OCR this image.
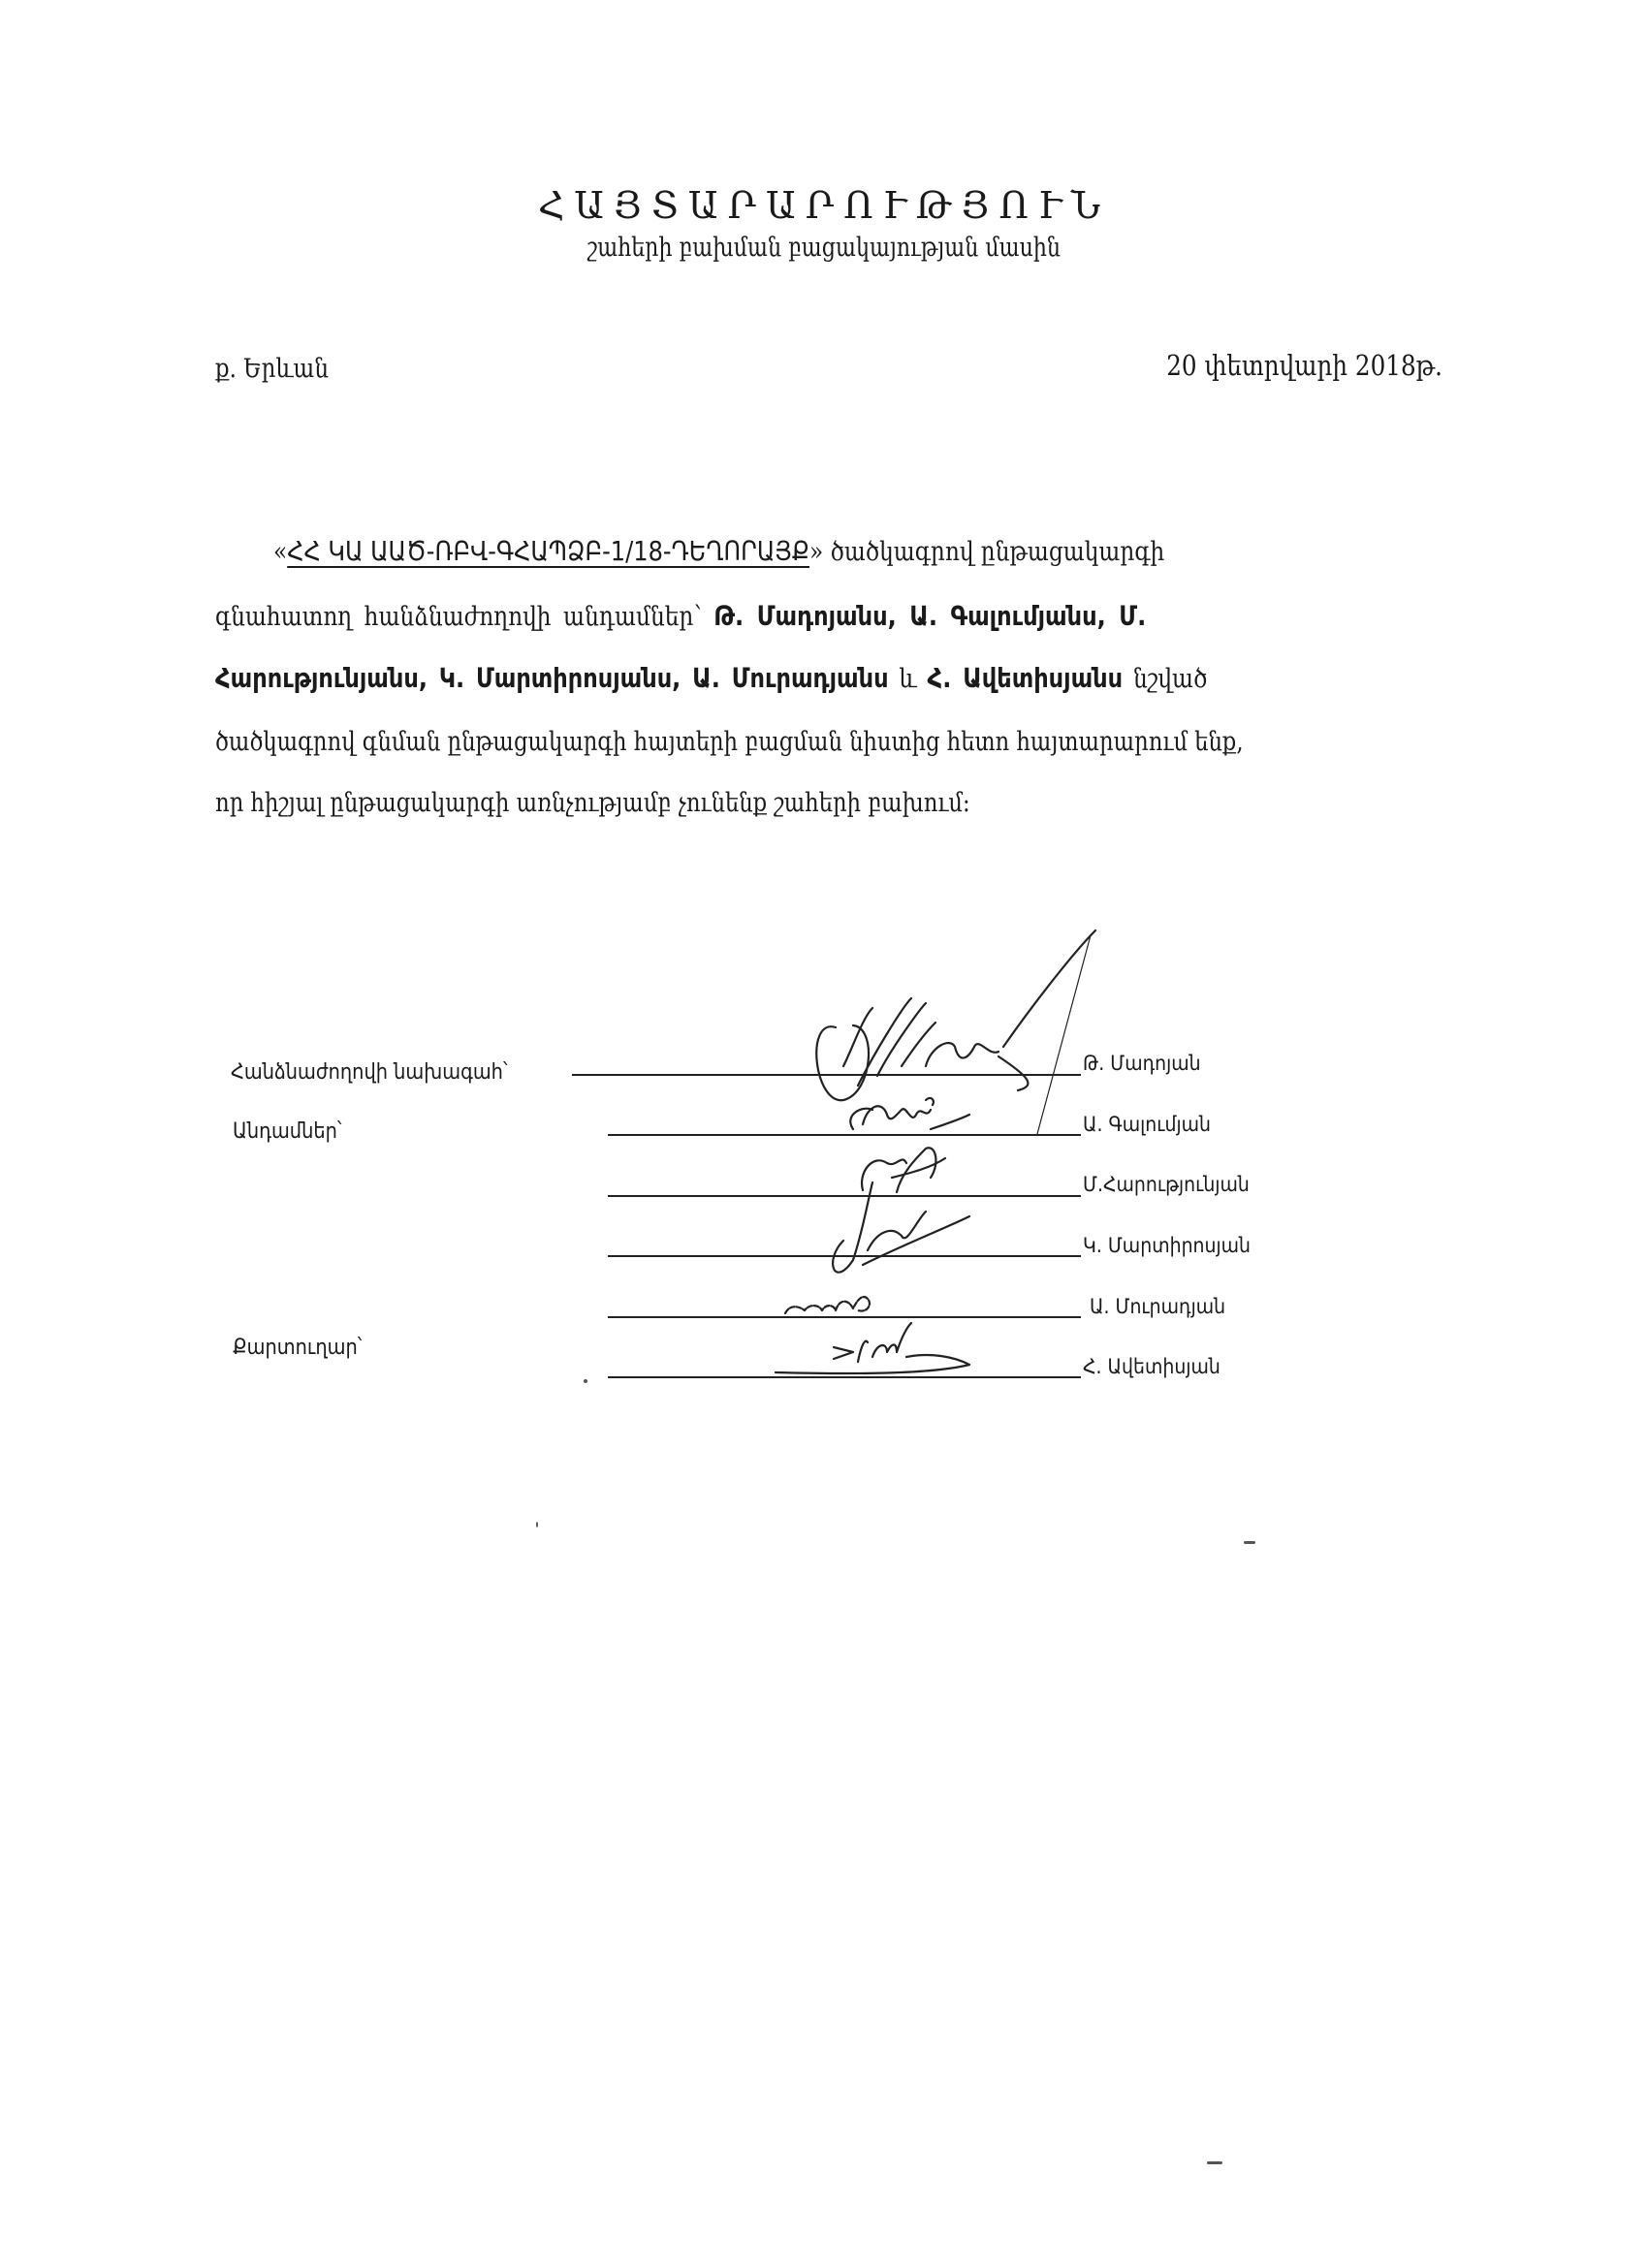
ՀԱՅՏԱՐԱՐՈՒԹՅՈՒՆ
շահերի բախման բացակայության մասին
ք. Երևան	20 փետրվարի 2018թ.
«ՀՀ ԿԱ ԱԱԾ-ՌԲՎ-ԳՀԱՊՁԲ-1/18-ԴԵՂՈՐԱՅՔ» ծածկագրով ընթացակարգի
գնահատող հանձնաժողովի անդամներ՝ Թ. Մադոյանս, Ա. Գալումյանս, Մ.
Հարությունյանս, Կ. Մարտիրոսյանս, Ա. Մուրադյանս և Հ. Ավետիսյանս նշված
ծածկագրով գնման ընթացակարգի հայտերի բացման նիստից հետո հայտարարում ենք,
որ հիշյալ ընթացակարգի առնչությամբ չունենք շահերի բախում:
Հանձնաժողովի նախագահ՝
Անդամներ՝
Քարտուղար՝
Թ. Մադոյան
Ա. Գալումյան
Մ.Հարությունյան
Կ. Մարտիրոսյան
Ա. Մուրադյան
Հ. Ավետիսյան
